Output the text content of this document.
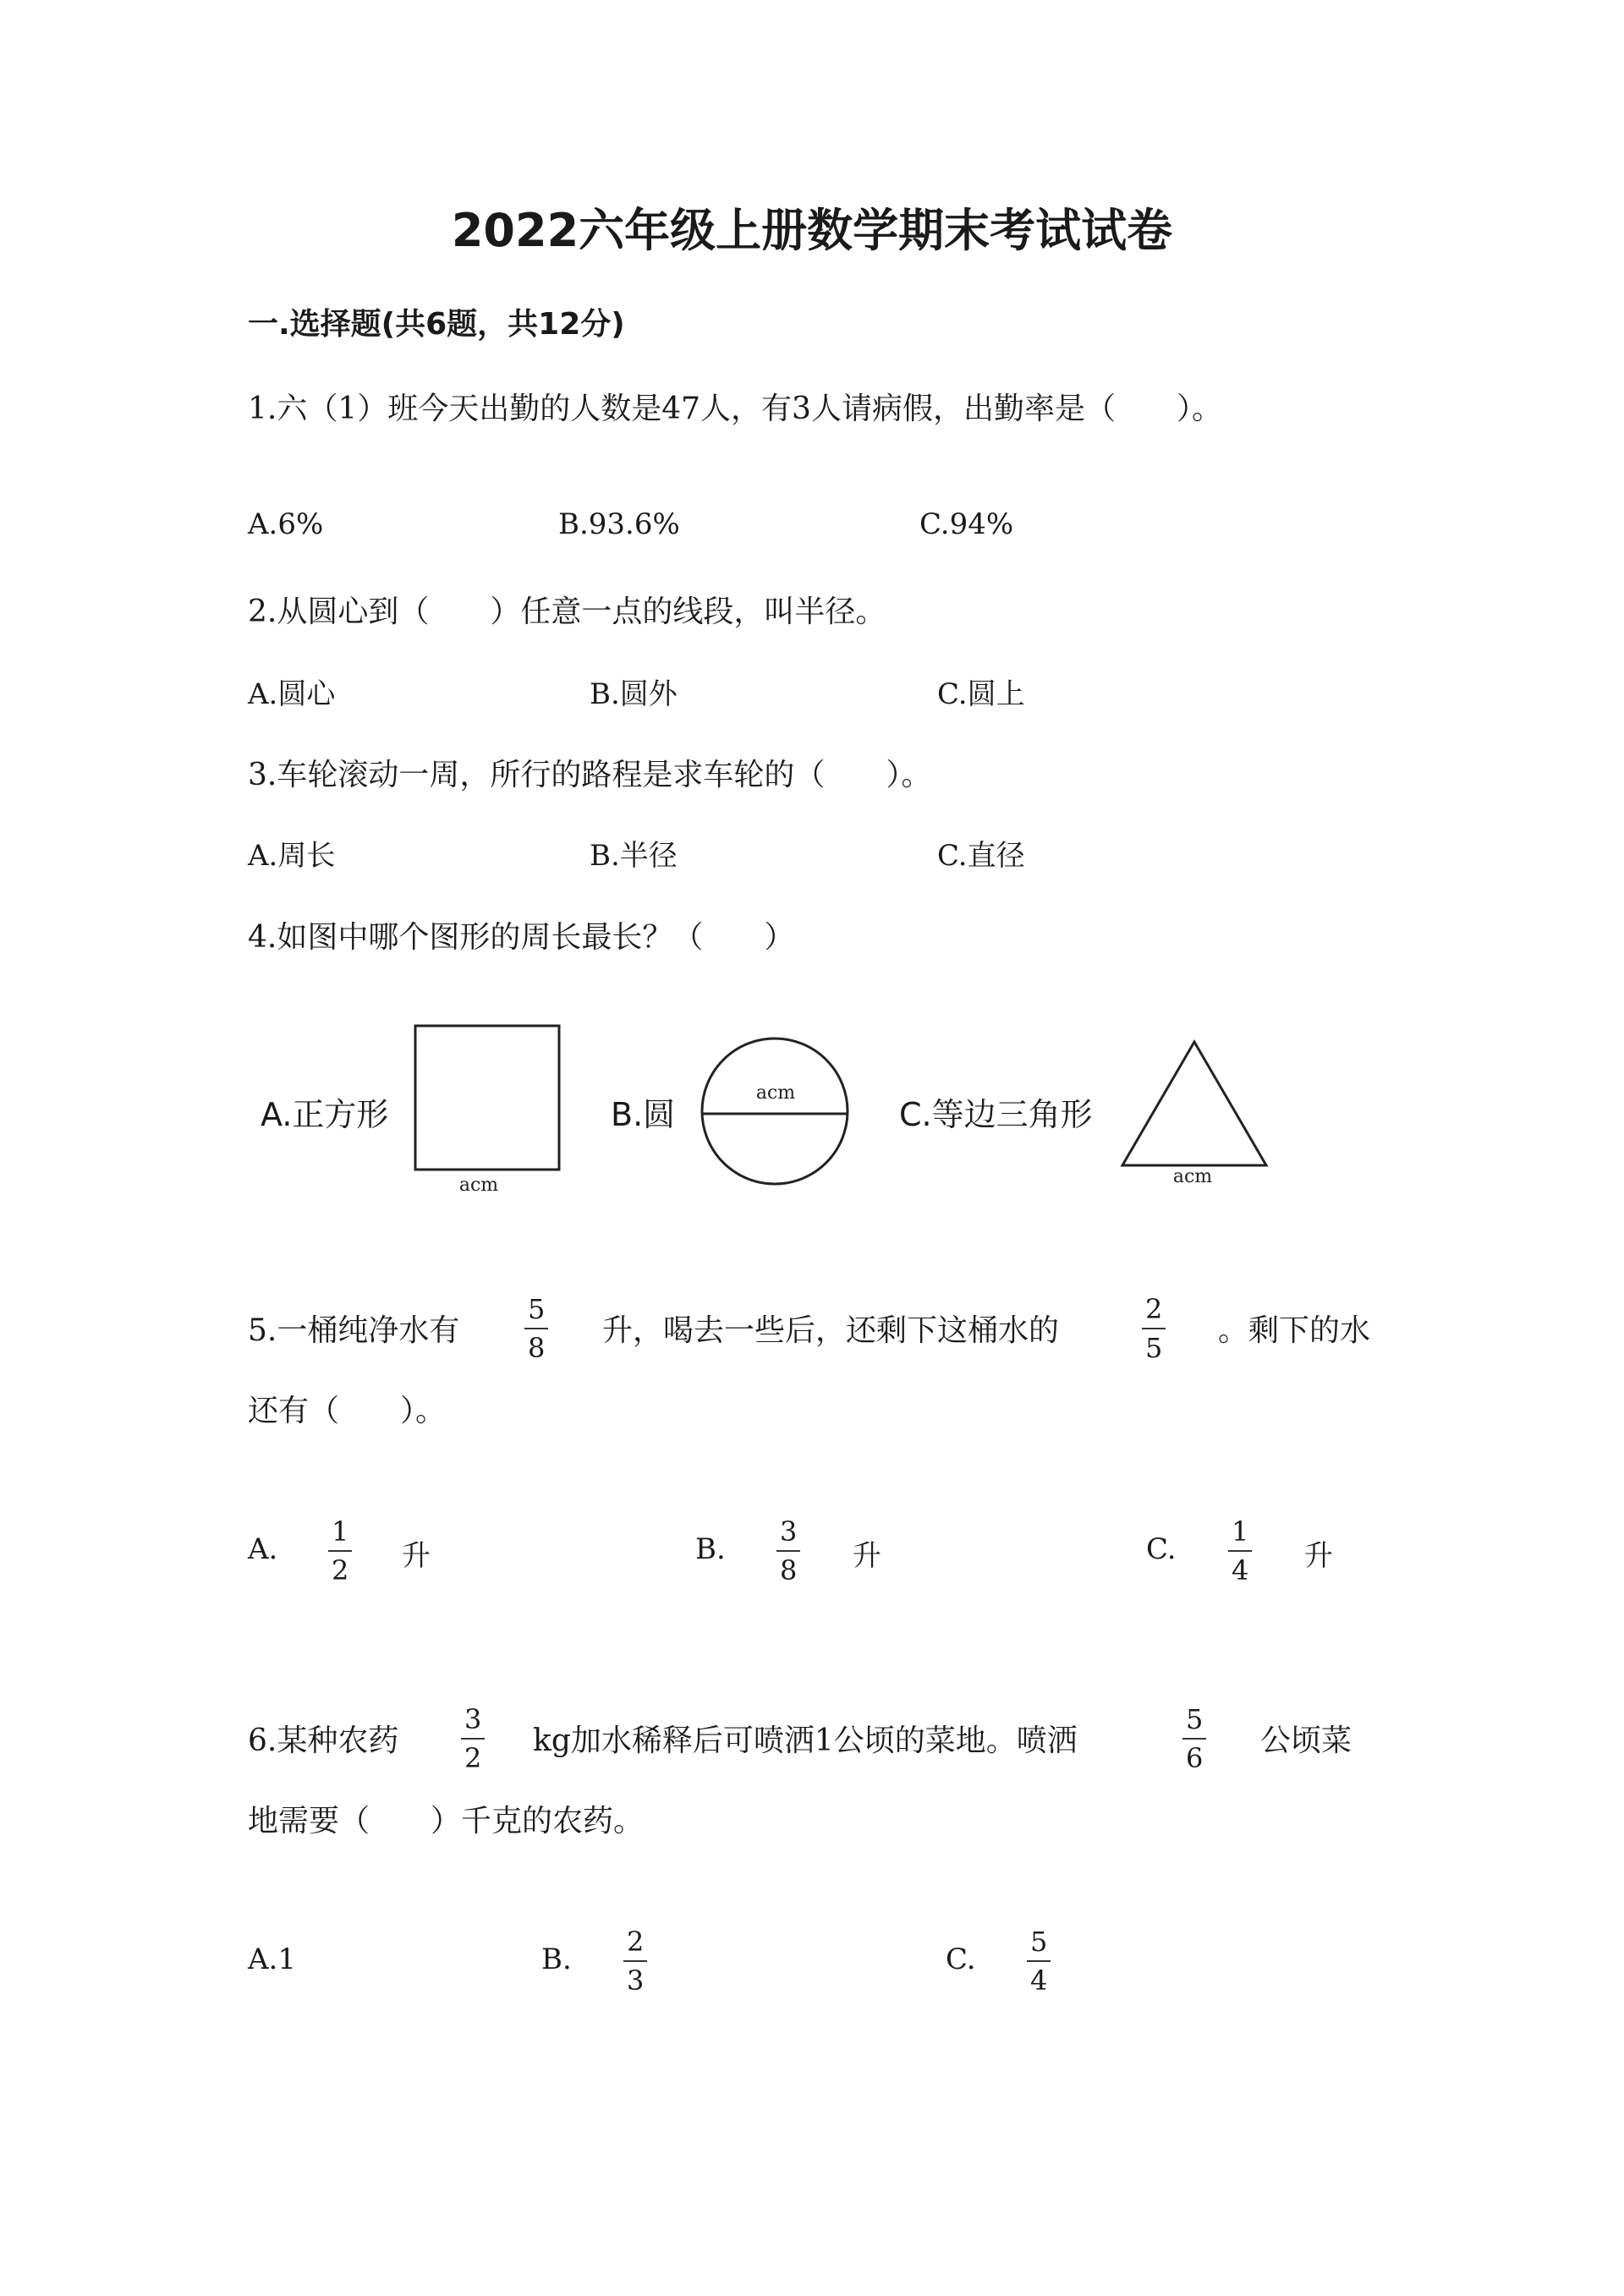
2022六年级上册数学期末考试试卷
一.选择题(共6题，共12分)
1.六（1）班今天出勤的人数是47人，有3人请病假，出勤率是（　　）。
A.6%	B.93.6%	C.94%
2.从圆心到（　　）任意一点的线段，叫半径。
A.圆心	B.圆外	C.圆上
3.车轮滚动一周，所行的路程是求车轮的（　　）。
A.周长	B.半径	C.直径
4.如图中哪个图形的周长最长？（　　）
A.正方形
acm
B.圆
acm
C.等边三角形
acm
5.一桶纯净水有
5
8 升，喝去一些后，还剩下这桶水的
2
5 。剩下的水
还有（　　）。
A.
1
2 升	B.
3
8 升	C.
1
4 升
6.某种农药
3
2 kg加水稀释后可喷洒1公顷的菜地。喷洒
5
6 公顷菜
地需要（　　）千克的农药。
A.1	B.
2
3
C.
5
4
